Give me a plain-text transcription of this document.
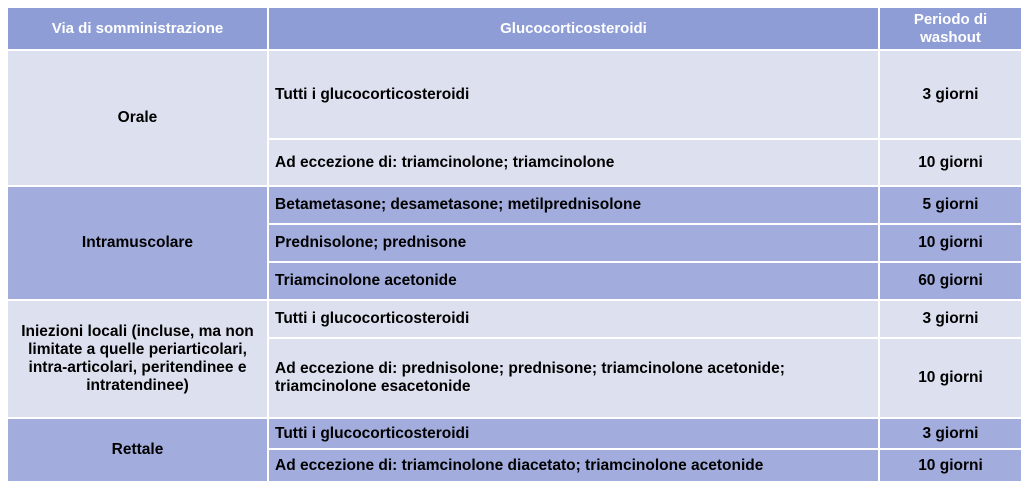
Via di somministrazione	Glucocorticosteroidi	Periodo di washout
Orale	Tutti i glucocorticosteroidi	3 giorni
	Ad eccezione di: triamcinolone; triamcinolone	10 giorni
Intramuscolare	Betametasone; desametasone; metilprednisolone	5 giorni
	Prednisolone; prednisone	10 giorni
	Triamcinolone acetonide	60 giorni
Iniezioni locali (incluse, ma non limitate a quelle periarticolari, intra-articolari, peritendinee e intratendinee)	Tutti i glucocorticosteroidi	3 giorni
	Ad eccezione di: prednisolone; prednisone; triamcinolone acetonide; triamcinolone esacetonide	10 giorni
Rettale	Tutti i glucocorticosteroidi	3 giorni
	Ad eccezione di: triamcinolone diacetato; triamcinolone acetonide	10 giorni
